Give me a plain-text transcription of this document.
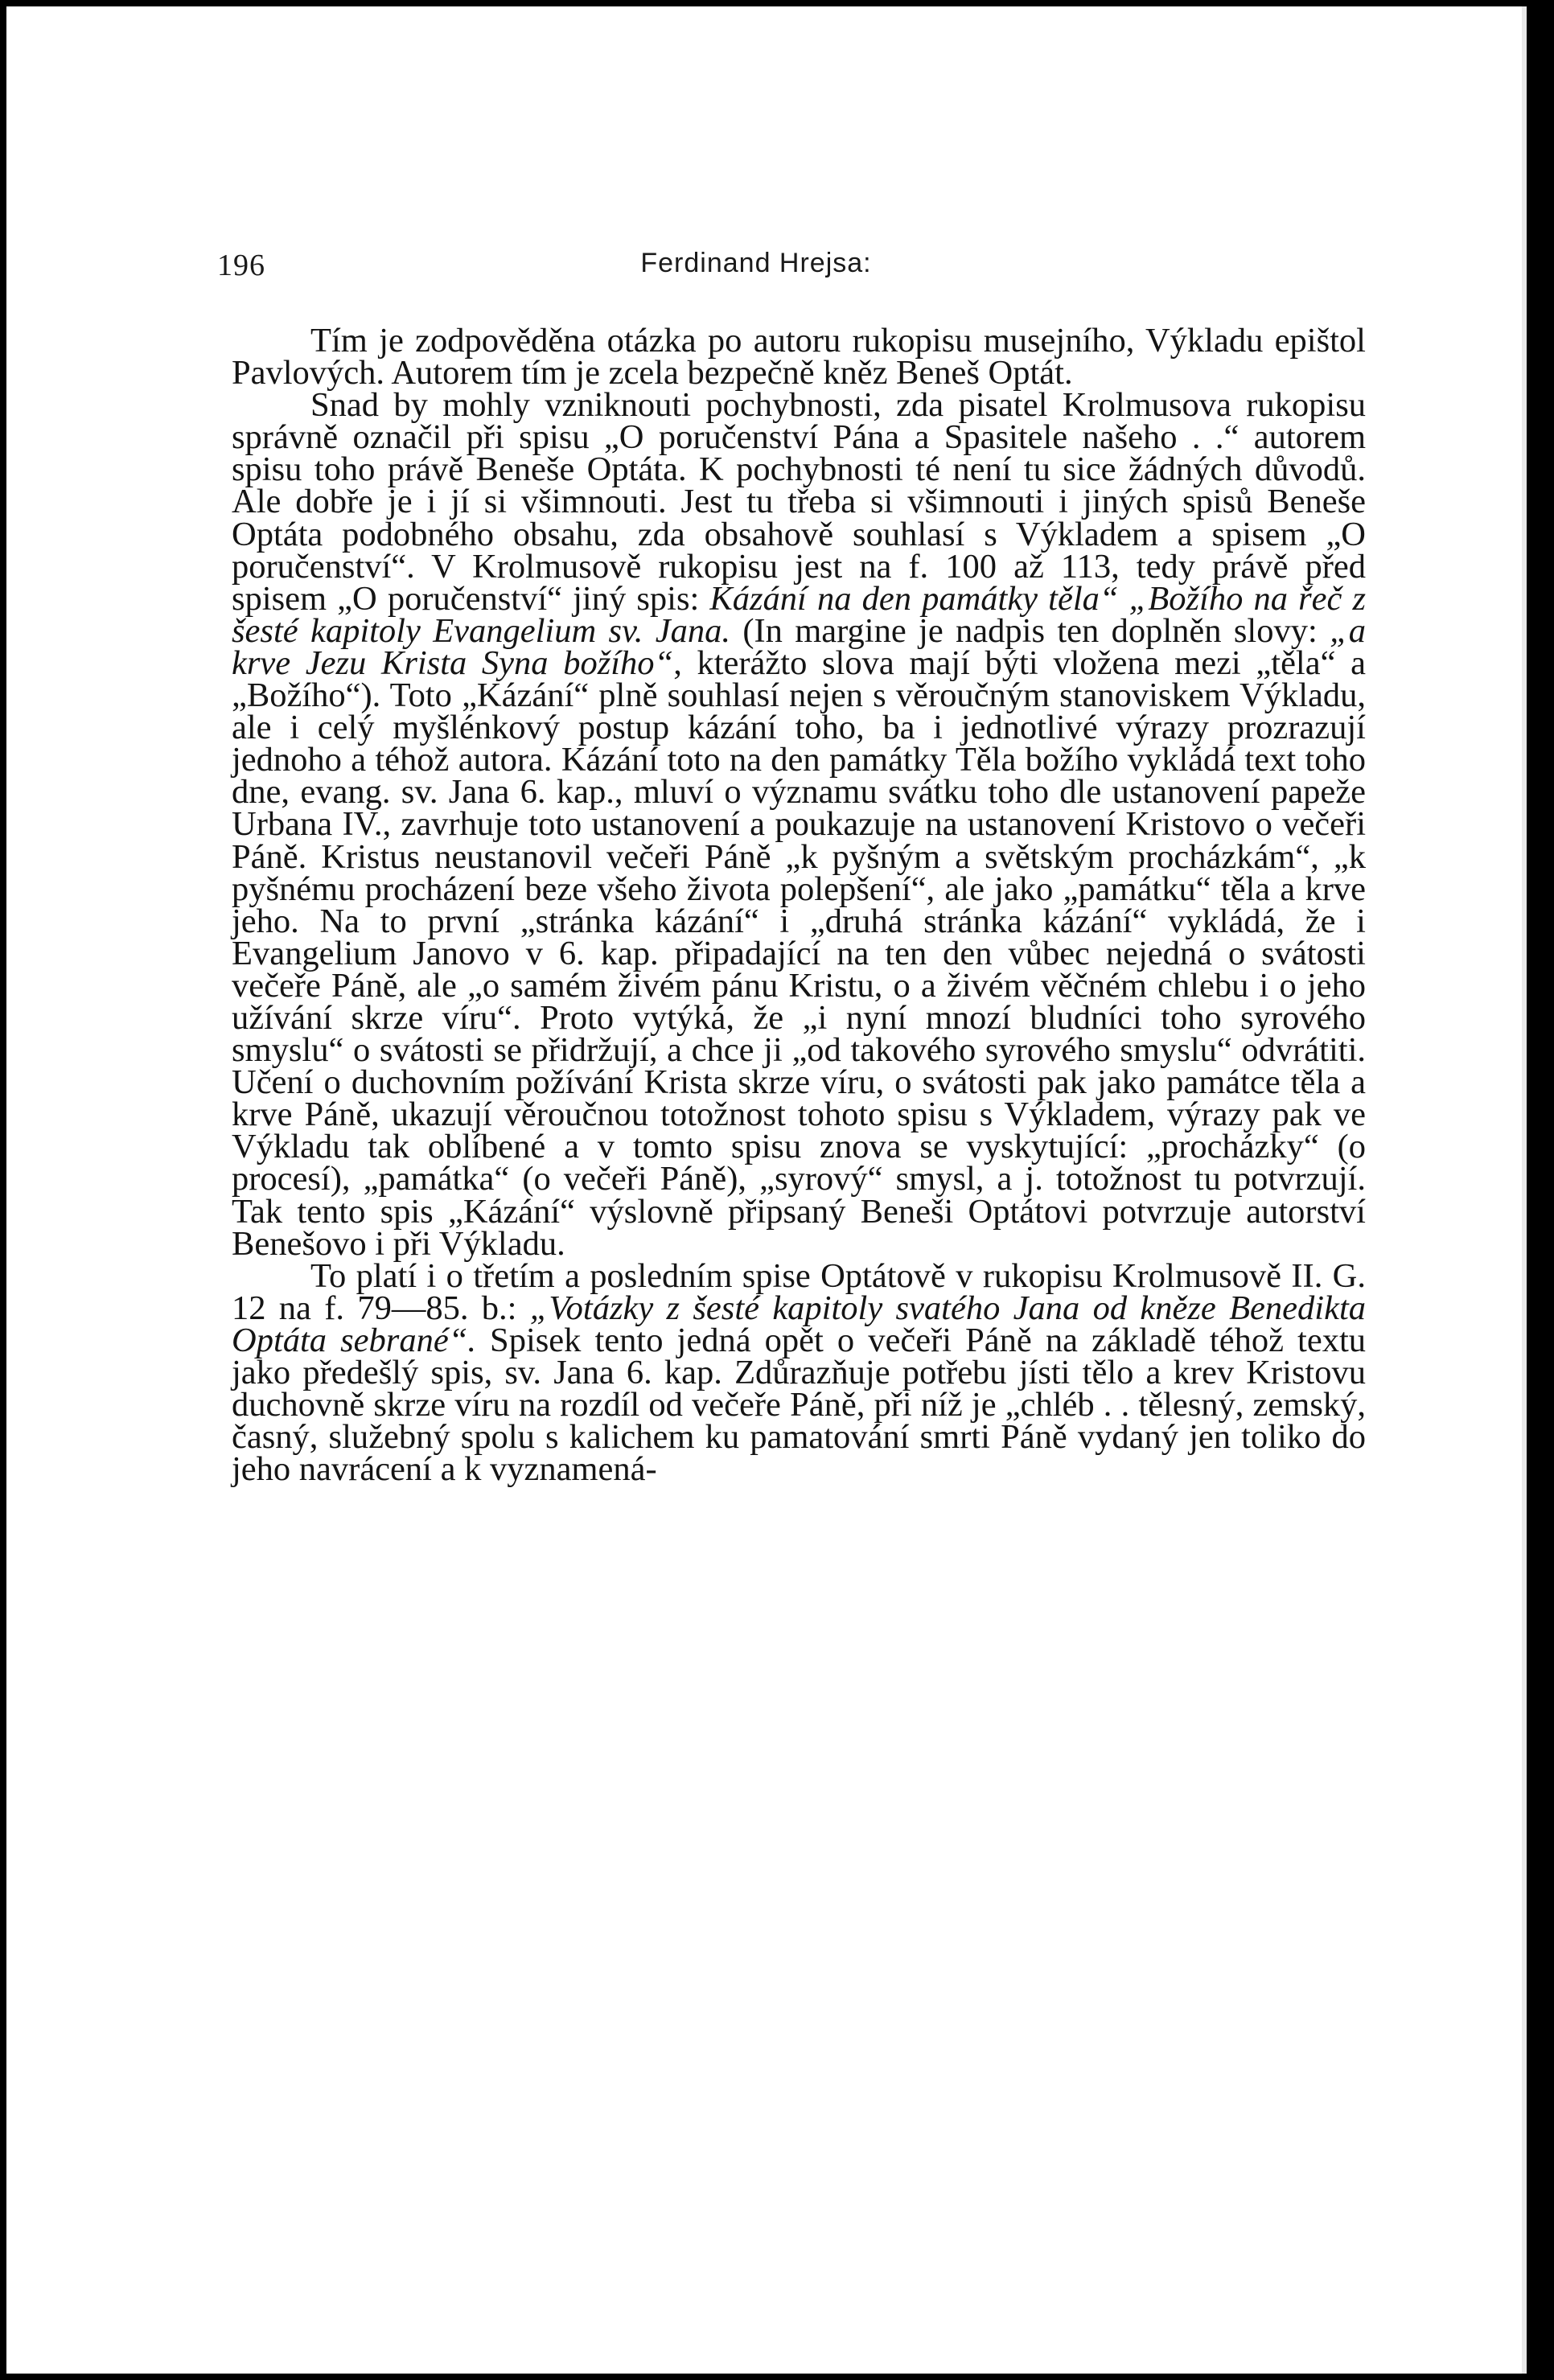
196	Ferdinand Hrejsa:

Tím je zodpověděna otázka po autoru rukopisu musejního, Výkladu epištol Pavlových. Autorem tím je zcela bezpečně kněz Beneš Optát.

Snad by mohly vzniknouti pochybnosti, zda pisatel Krolmusova rukopisu správně označil při spisu „O poručenství Pána a Spasitele našeho . .“ autorem spisu toho právě Beneše Optáta. K pochybnosti té není tu sice žádných důvodů. Ale dobře je i jí si všimnouti. Jest tu třeba si všimnouti i jiných spisů Beneše Optáta podobného obsahu, zda obsahově souhlasí s Výkladem a spisem „O poručenství“. V Krolmusově rukopisu jest na f. 100 až 113, tedy právě před spisem „O poručenství“ jiný spis: Kázání na den památky těla“ „Božího na řeč z šesté kapitoly Evangelium sv. Jana. (In margine je nadpis ten doplněn slovy: „a krve Jezu Krista Syna božího“, kterážto slova mají býti vložena mezi „těla“ a „Božího“). Toto „Kázání“ plně souhlasí nejen s věroučným stanoviskem Výkladu, ale i celý myšlénkový postup kázání toho, ba i jednotlivé výrazy prozrazují jednoho a téhož autora. Kázání toto na den památky Těla božího vykládá text toho dne, evang. sv. Jana 6. kap., mluví o významu svátku toho dle ustanovení papeže Urbana IV., zavrhuje toto ustanovení a poukazuje na ustanovení Kristovo o večeři Páně. Kristus neustanovil večeři Páně „k pyšným a světským procházkám“, „k pyšnému procházení beze všeho života polepšení“, ale jako „památku“ těla a krve jeho. Na to první „stránka kázání“ i „druhá stránka kázání“ vykládá, že i Evangelium Janovo v 6. kap. připadající na ten den vůbec nejedná o svátosti večeře Páně, ale „o samém živém pánu Kristu, o a živém věčném chlebu i o jeho užívání skrze víru“. Proto vytýká, že „i nyní mnozí bludníci toho syrového smyslu“ o svátosti se přidržují, a chce ji „od takového syrového smyslu“ odvrátiti. Učení o duchovním požívání Krista skrze víru, o svátosti pak jako památce těla a krve Páně, ukazují věroučnou totožnost tohoto spisu s Výkladem, výrazy pak ve Výkladu tak oblíbené a v tomto spisu znova se vyskytující: „procházky“ (o procesí), „památka“ (o večeři Páně), „syrový“ smysl, a j. totožnost tu potvrzují. Tak tento spis „Kázání“ výslovně připsaný Benešі Optátovi potvrzuje autorství Benešovo i při Výkladu.

To platí i o třetím a posledním spise Optátově v rukopisu Krolmusově II. G. 12 na f. 79—85. b.: „Votázky z šesté kapitoly svatého Jana od kněze Benedikta Optáta sebrané“. Spisek tento jedná opět o večeři Páně na základě téhož textu jako předešlý spis, sv. Jana 6. kap. Zdůrazňuje potřebu jísti tělo a krev Kristovu duchovně skrze víru na rozdíl od večeře Páně, při níž je „chléb . . tělesný, zemský, časný, služebný spolu s kalichem ku pamatování smrti Páně vydaný jen toliko do jeho navrácení a k vyznamená-
